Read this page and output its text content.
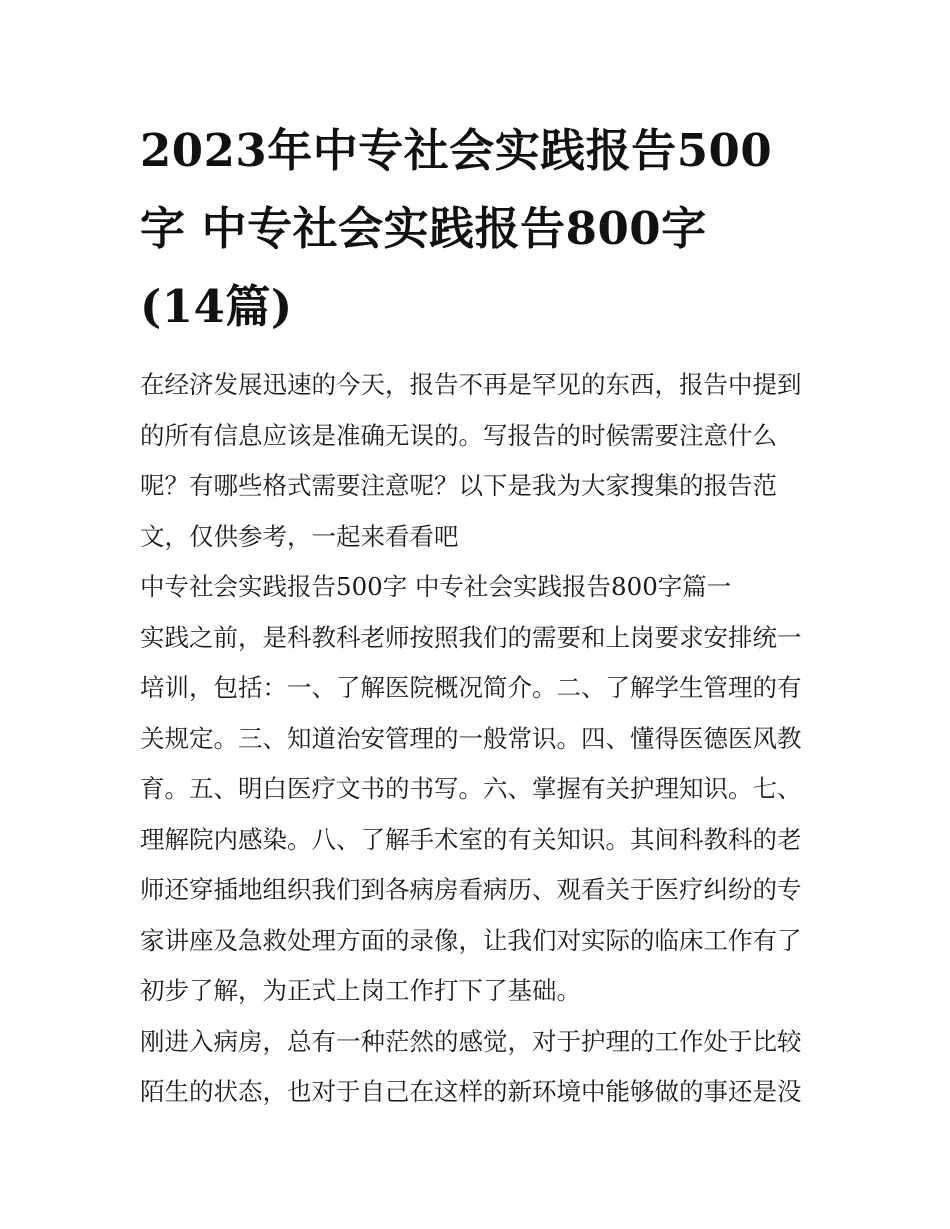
2023年中专社会实践报告500
字 中专社会实践报告800字
(14篇)

在经济发展迅速的今天，报告不再是罕见的东西，报告中提到
的所有信息应该是准确无误的。写报告的时候需要注意什么
呢？有哪些格式需要注意呢？以下是我为大家搜集的报告范
文，仅供参考，一起来看看吧

中专社会实践报告500字 中专社会实践报告800字篇一

实践之前，是科教科老师按照我们的需要和上岗要求安排统一
培训，包括：一、了解医院概况简介。二、了解学生管理的有
关规定。三、知道治安管理的一般常识。四、懂得医德医风教
育。五、明白医疗文书的书写。六、掌握有关护理知识。七、
理解院内感染。八、了解手术室的有关知识。其间科教科的老
师还穿插地组织我们到各病房看病历、观看关于医疗纠纷的专
家讲座及急救处理方面的录像，让我们对实际的临床工作有了
初步了解，为正式上岗工作打下了基础。

刚进入病房，总有一种茫然的感觉，对于护理的工作处于比较
陌生的状态，也对于自己在这样的新环境中能够做的事还是没
